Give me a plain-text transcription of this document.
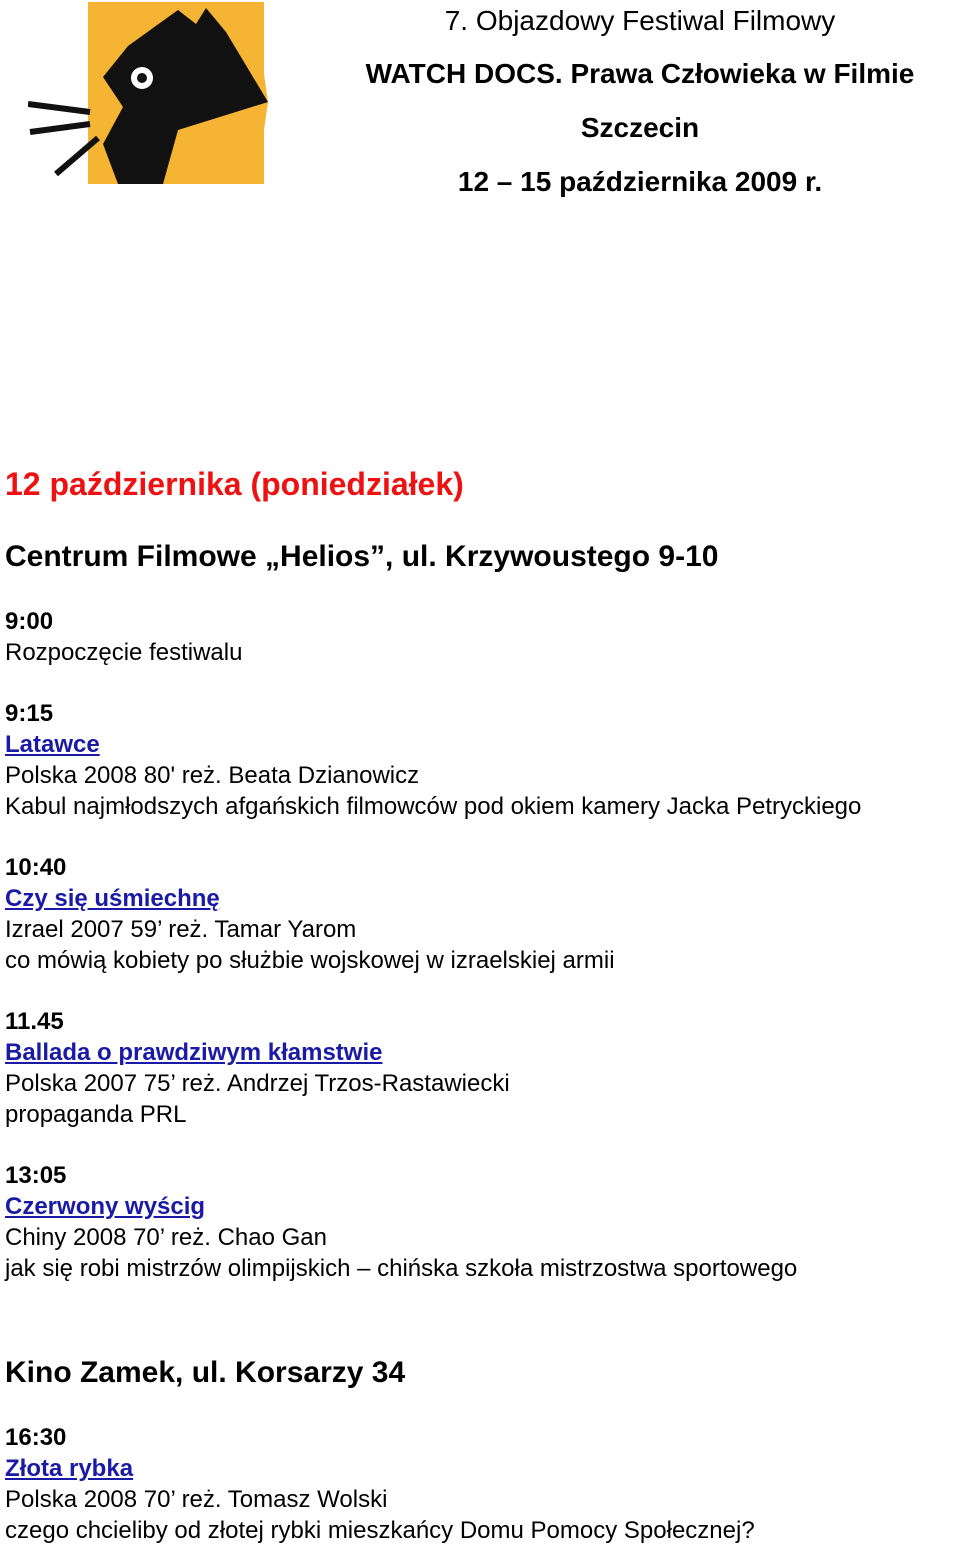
7. Objazdowy Festiwal Filmowy
WATCH DOCS. Prawa Człowieka w Filmie
Szczecin
12 – 15 października 2009 r.
12 października (poniedziałek)
Centrum Filmowe „Helios”, ul. Krzywoustego 9-10
9:00
Rozpoczęcie festiwalu
9:15
Latawce
Polska 2008 80' reż. Beata Dzianowicz
Kabul najmłodszych afgańskich filmowców pod okiem kamery Jacka Petryckiego
10:40
Czy się uśmiechnę
Izrael 2007 59’ reż. Tamar Yarom
co mówią kobiety po służbie wojskowej w izraelskiej armii
11.45
Ballada o prawdziwym kłamstwie
Polska 2007 75’ reż. Andrzej Trzos-Rastawiecki
propaganda PRL
13:05
Czerwony wyścig
Chiny 2008 70’ reż. Chao Gan
jak się robi mistrzów olimpijskich – chińska szkoła mistrzostwa sportowego
Kino Zamek, ul. Korsarzy 34
16:30
Złota rybka
Polska 2008 70’ reż. Tomasz Wolski
czego chcieliby od złotej rybki mieszkańcy Domu Pomocy Społecznej?
